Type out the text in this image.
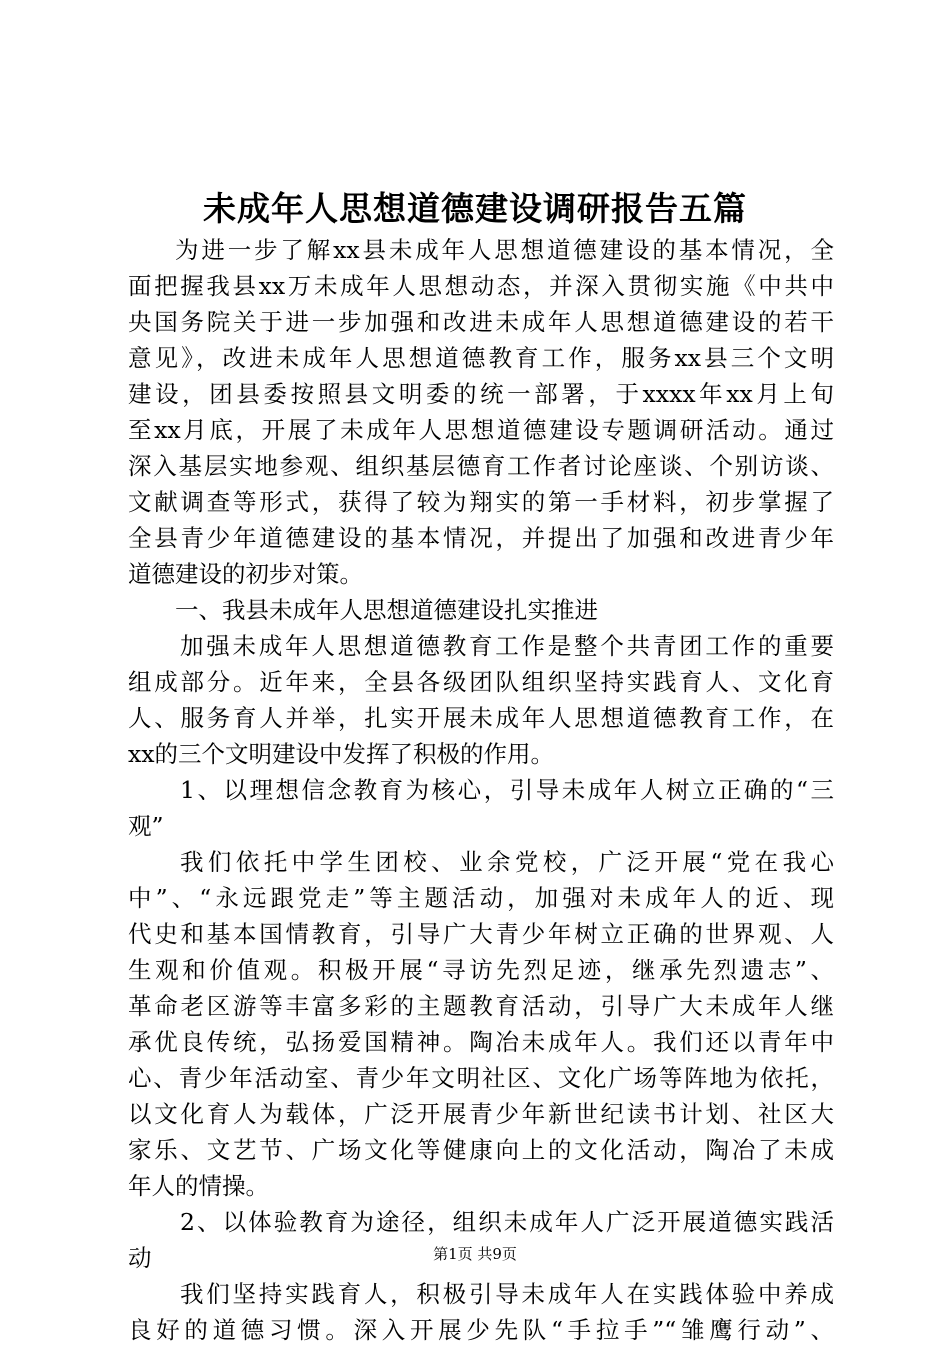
未成年人思想道德建设调研报告五篇
为进一步了解xx县未成年人思想道德建设的基本情况，全
面把握我县xx万未成年人思想动态，并深入贯彻实施《中共中
央国务院关于进一步加强和改进未成年人思想道德建设的若干
意见》，改进未成年人思想道德教育工作，服务xx县三个文明
建设，团县委按照县文明委的统一部署，于xxxx年xx月上旬
至xx月底，开展了未成年人思想道德建设专题调研活动。通过
深入基层实地参观、组织基层德育工作者讨论座谈、个别访谈、
文献调查等形式，获得了较为翔实的第一手材料，初步掌握了
全县青少年道德建设的基本情况，并提出了加强和改进青少年
道德建设的初步对策。
一、我县未成年人思想道德建设扎实推进
加强未成年人思想道德教育工作是整个共青团工作的重要
组成部分。近年来，全县各级团队组织坚持实践育人、文化育
人、服务育人并举，扎实开展未成年人思想道德教育工作，在
xx的三个文明建设中发挥了积极的作用。
1、以理想信念教育为核心，引导未成年人树立正确的“三
观”
我们依托中学生团校、业余党校，广泛开展“党在我心
中”、“永远跟党走”等主题活动，加强对未成年人的近、现
代史和基本国情教育，引导广大青少年树立正确的世界观、人
生观和价值观。积极开展“寻访先烈足迹，继承先烈遗志”、
革命老区游等丰富多彩的主题教育活动，引导广大未成年人继
承优良传统，弘扬爱国精神。陶冶未成年人。我们还以青年中
心、青少年活动室、青少年文明社区、文化广场等阵地为依托，
以文化育人为载体，广泛开展青少年新世纪读书计划、社区大
家乐、文艺节、广场文化等健康向上的文化活动，陶冶了未成
年人的情操。
2、以体验教育为途径，组织未成年人广泛开展道德实践活
动
我们坚持实践育人，积极引导未成年人在实践体验中养成
良好的道德习惯。深入开展少先队“手拉手”“雏鹰行动”、
第1页 共9页
